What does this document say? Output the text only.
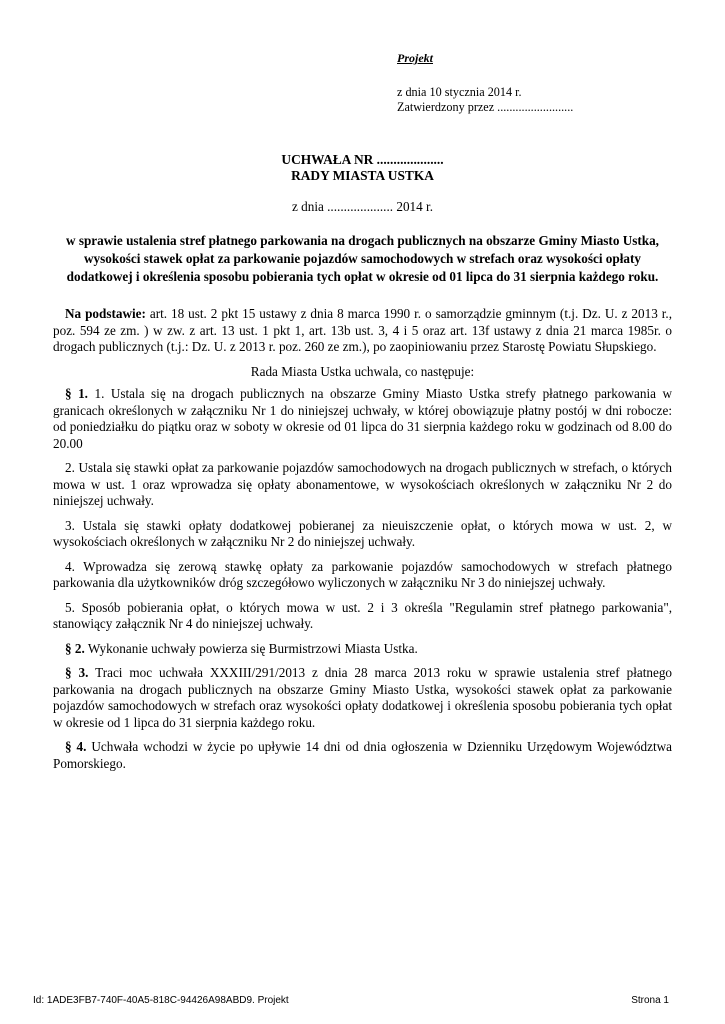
Projekt
z dnia 10 stycznia 2014 r.
Zatwierdzony przez .........................
UCHWAŁA NR ....................
RADY MIASTA USTKA
z dnia .................... 2014 r.
w sprawie ustalenia stref płatnego parkowania na drogach publicznych na obszarze Gminy Miasto Ustka,
wysokości stawek opłat za parkowanie pojazdów samochodowych w strefach oraz wysokości opłaty
dodatkowej i określenia sposobu pobierania tych opłat w okresie od 01 lipca do 31 sierpnia każdego roku.

Na podstawie: art. 18 ust. 2 pkt 15 ustawy z dnia 8 marca 1990 r. o samorządzie gminnym (t.j. Dz. U. z 2013 r., poz. 594 ze zm. ) w zw. z art. 13 ust. 1 pkt 1, art. 13b ust. 3, 4 i 5 oraz art. 13f ustawy z dnia 21 marca 1985r. o drogach publicznych (t.j.: Dz. U. z 2013 r. poz. 260 ze zm.), po zaopiniowaniu przez Starostę Powiatu Słupskiego.

Rada Miasta Ustka uchwala, co następuje:

§ 1. 1. Ustala się na drogach publicznych na obszarze Gminy Miasto Ustka strefy płatnego parkowania w granicach określonych w załączniku Nr 1 do niniejszej uchwały, w której obowiązuje płatny postój w dni robocze: od poniedziałku do piątku oraz w soboty w okresie od 01 lipca do 31 sierpnia każdego roku w godzinach od 8.00 do 20.00

2. Ustala się stawki opłat za parkowanie pojazdów samochodowych na drogach publicznych w strefach, o których mowa w ust. 1 oraz wprowadza się opłaty abonamentowe, w wysokościach określonych w załączniku Nr 2 do niniejszej uchwały.

3. Ustala się stawki opłaty dodatkowej pobieranej za nieuiszczenie opłat, o których mowa w ust. 2, w wysokościach określonych w załączniku Nr 2 do niniejszej uchwały.

4. Wprowadza się zerową stawkę opłaty za parkowanie pojazdów samochodowych w strefach płatnego parkowania dla użytkowników dróg szczegółowo wyliczonych w załączniku Nr 3 do niniejszej uchwały.

5. Sposób pobierania opłat, o których mowa w ust. 2 i 3 określa "Regulamin stref płatnego parkowania", stanowiący załącznik Nr 4 do niniejszej uchwały.

§ 2. Wykonanie uchwały powierza się Burmistrzowi Miasta Ustka.

§ 3. Traci moc uchwała XXXIII/291/2013 z dnia 28 marca 2013 roku w sprawie ustalenia stref płatnego parkowania na drogach publicznych na obszarze Gminy Miasto Ustka, wysokości stawek opłat za parkowanie pojazdów samochodowych w strefach oraz wysokości opłaty dodatkowej i określenia sposobu pobierania tych opłat w okresie od 1 lipca do 31 sierpnia każdego roku.

§ 4. Uchwała wchodzi w życie po upływie 14 dni od dnia ogłoszenia w Dzienniku Urzędowym Województwa Pomorskiego.

Id: 1ADE3FB7-740F-40A5-818C-94426A98ABD9. Projekt	Strona 1
